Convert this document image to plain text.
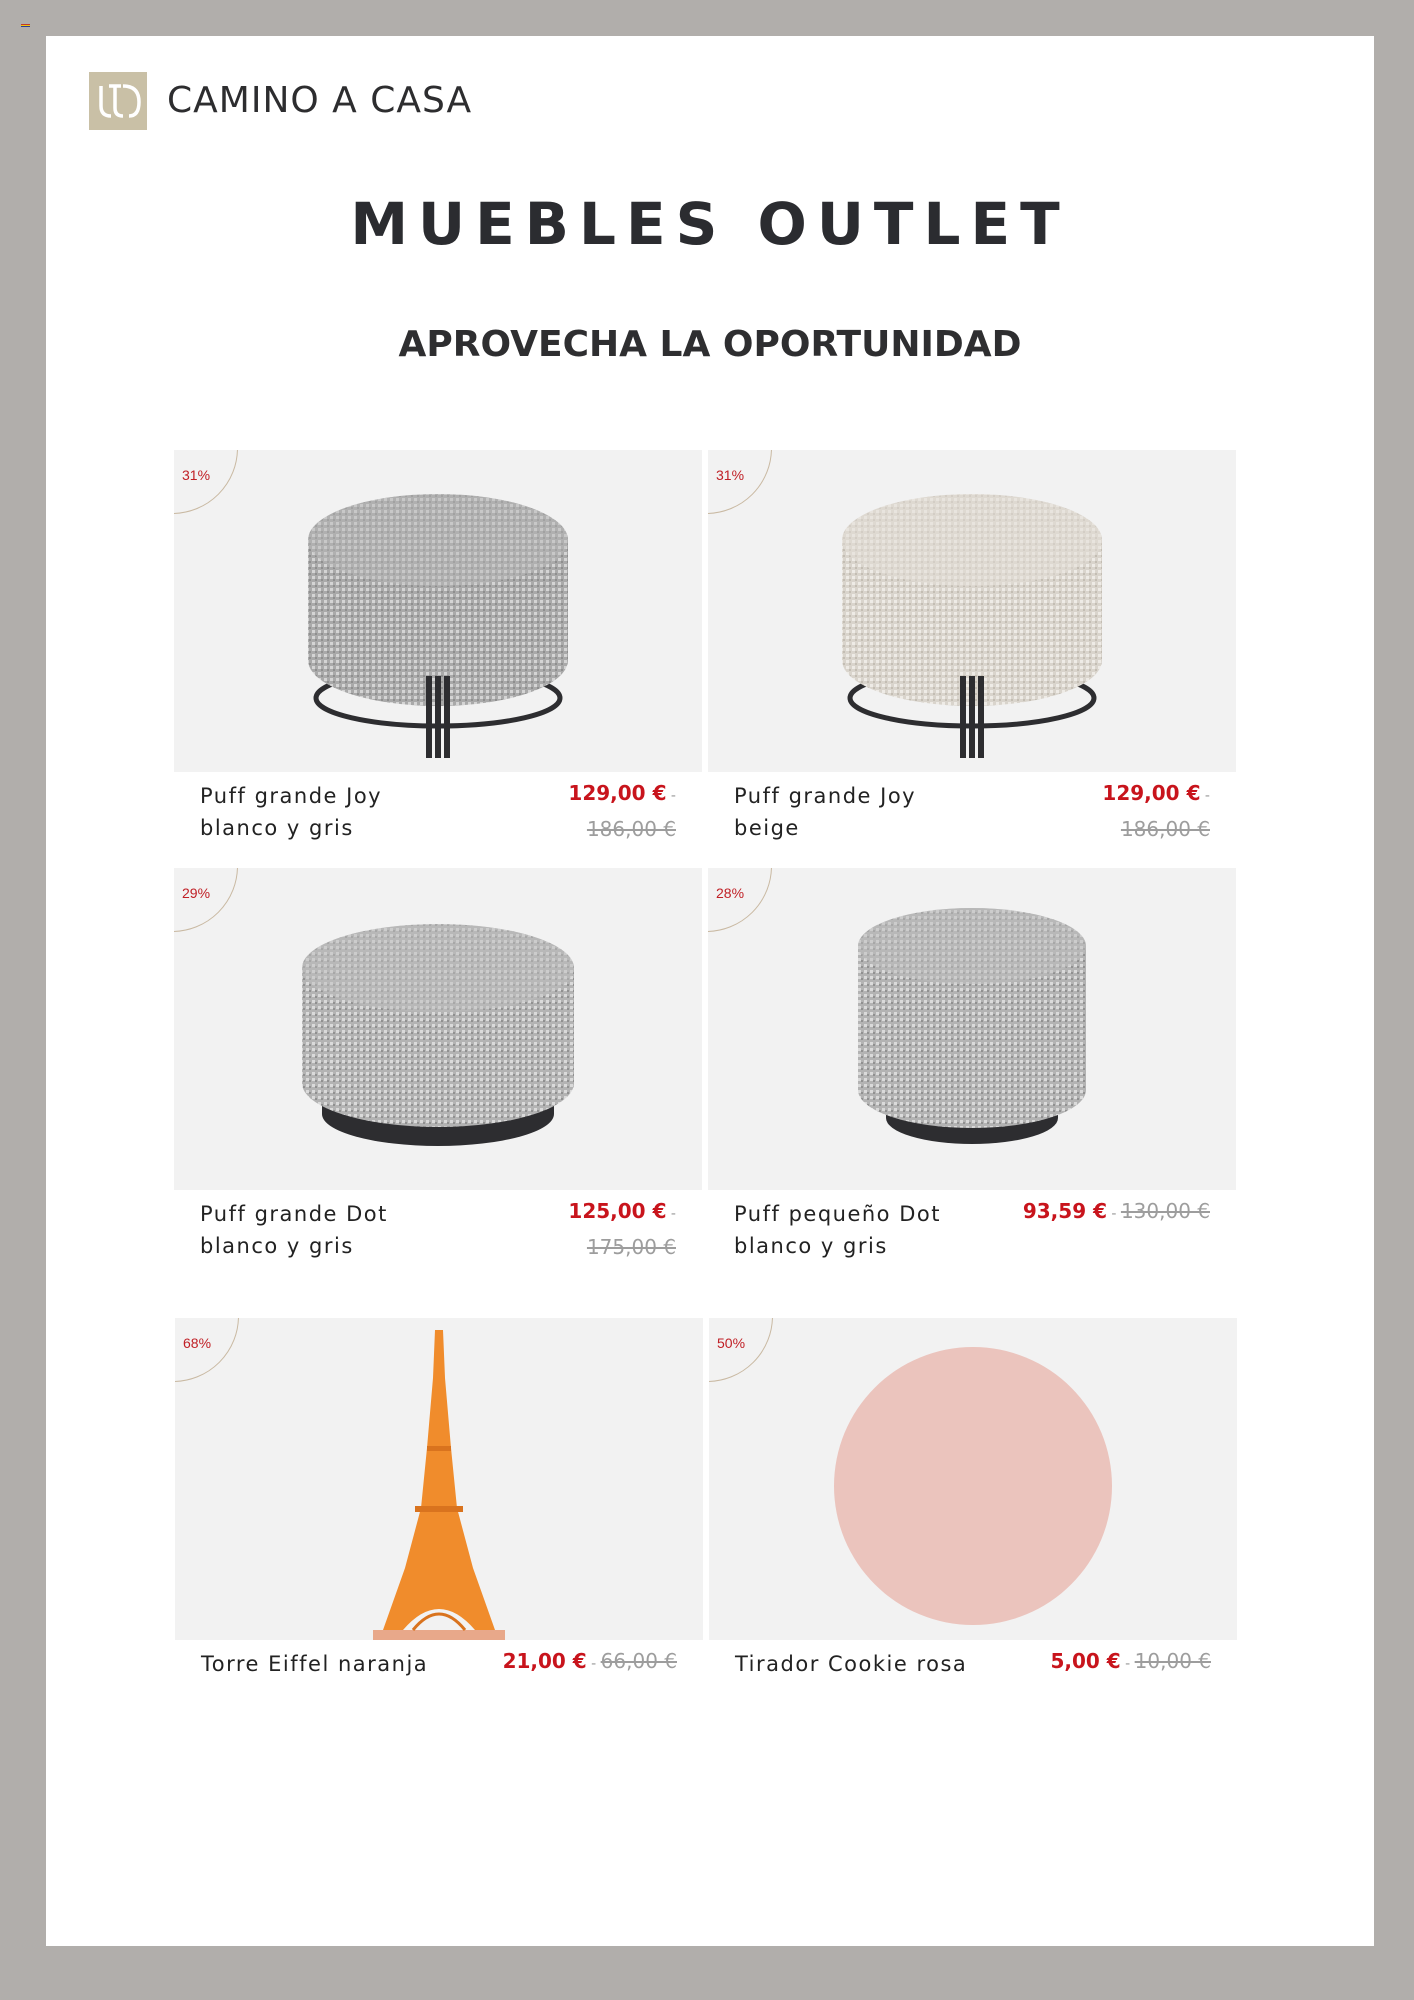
CAMINO A CASA
MUEBLES OUTLET
APROVECHA LA OPORTUNIDAD
31%
Puff grande Joy
blanco y gris
129,00 € -
186,00 €
31%
Puff grande Joy
beige
129,00 € -
186,00 €
29%
Puff grande Dot
blanco y gris
125,00 € -
175,00 €
28%
Puff pequeño Dot
blanco y gris
93,59 € - 130,00 €
68%
Torre Eiffel naranja	21,00 € - 66,00 €
50%
Tirador Cookie rosa	5,00 € - 10,00 €
